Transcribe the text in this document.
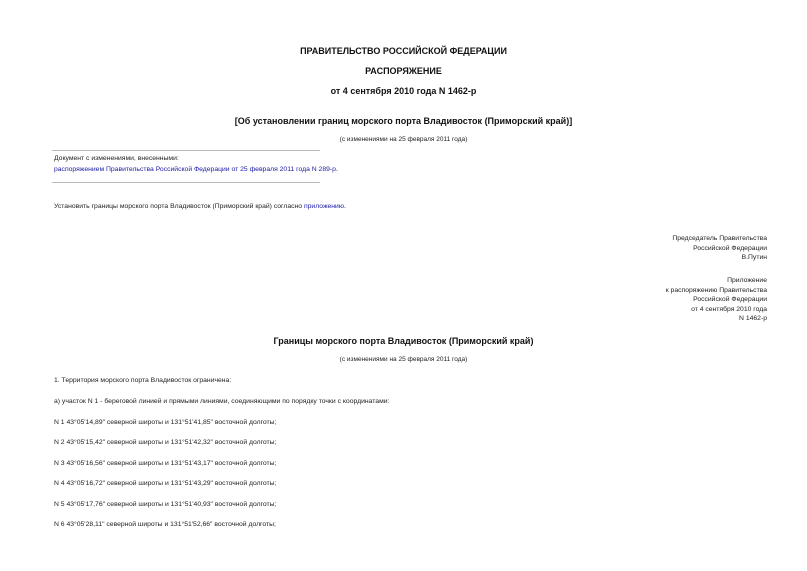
ПРАВИТЕЛЬСТВО РОССИЙСКОЙ ФЕДЕРАЦИИ
РАСПОРЯЖЕНИЕ
от 4 сентября 2010 года N 1462-р
[Об установлении границ морского порта Владивосток (Приморский край)]
(с изменениями на 25 февраля 2011 года)
Документ с изменениями, внесенными:
распоряжением Правительства Российской Федерации от 25 февраля 2011 года N 289-р.
Установить границы морского порта Владивосток (Приморский край) согласно приложению.
Председатель Правительства
Российской Федерации
В.Путин
Приложение
к распоряжению Правительства
Российской Федерации
от 4 сентября 2010 года
N 1462-р
Границы морского порта Владивосток (Приморский край)
(с изменениями на 25 февраля 2011 года)
1. Территория морского порта Владивосток ограничена:
а) участок N 1 - береговой линией и прямыми линиями, соединяющими по порядку точки с координатами:
N 1 43°05'14,89" северной широты и 131°51'41,85" восточной долготы;
N 2 43°05'15,42" северной широты и 131°51'42,32" восточной долготы;
N 3 43°05'16,56" северной широты и 131°51'43,17" восточной долготы;
N 4 43°05'16,72" северной широты и 131°51'43,29" восточной долготы;
N 5 43°05'17,76" северной широты и 131°51'40,93" восточной долготы;
N 6 43°05'28,11" северной широты и 131°51'52,66" восточной долготы;
